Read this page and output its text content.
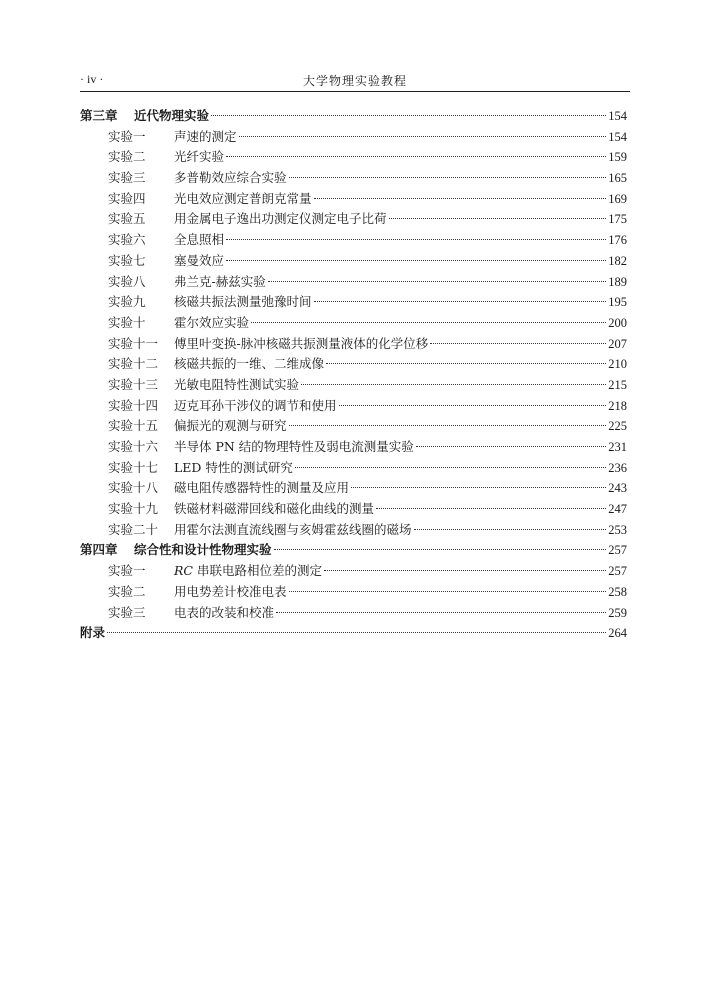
· iv ·	大学物理实验教程
第三章	近代物理实验	154
实验一	声速的测定	154
实验二	光纤实验	159
实验三	多普勒效应综合实验	165
实验四	光电效应测定普朗克常量	169
实验五	用金属电子逸出功测定仪测定电子比荷	175
实验六	全息照相	176
实验七	塞曼效应	182
实验八	弗兰克-赫兹实验	189
实验九	核磁共振法测量弛豫时间	195
实验十	霍尔效应实验	200
实验十一	傅里叶变换-脉冲核磁共振测量液体的化学位移	207
实验十二	核磁共振的一维、二维成像	210
实验十三	光敏电阻特性测试实验	215
实验十四	迈克耳孙干涉仪的调节和使用	218
实验十五	偏振光的观测与研究	225
实验十六	半导体 PN 结的物理特性及弱电流测量实验	231
实验十七	LED 特性的测试研究	236
实验十八	磁电阻传感器特性的测量及应用	243
实验十九	铁磁材料磁滞回线和磁化曲线的测量	247
实验二十	用霍尔法测直流线圈与亥姆霍兹线圈的磁场	253
第四章	综合性和设计性物理实验	257
实验一	RC 串联电路相位差的测定	257
实验二	用电势差计校准电表	258
实验三	电表的改装和校准	259
附录	264
